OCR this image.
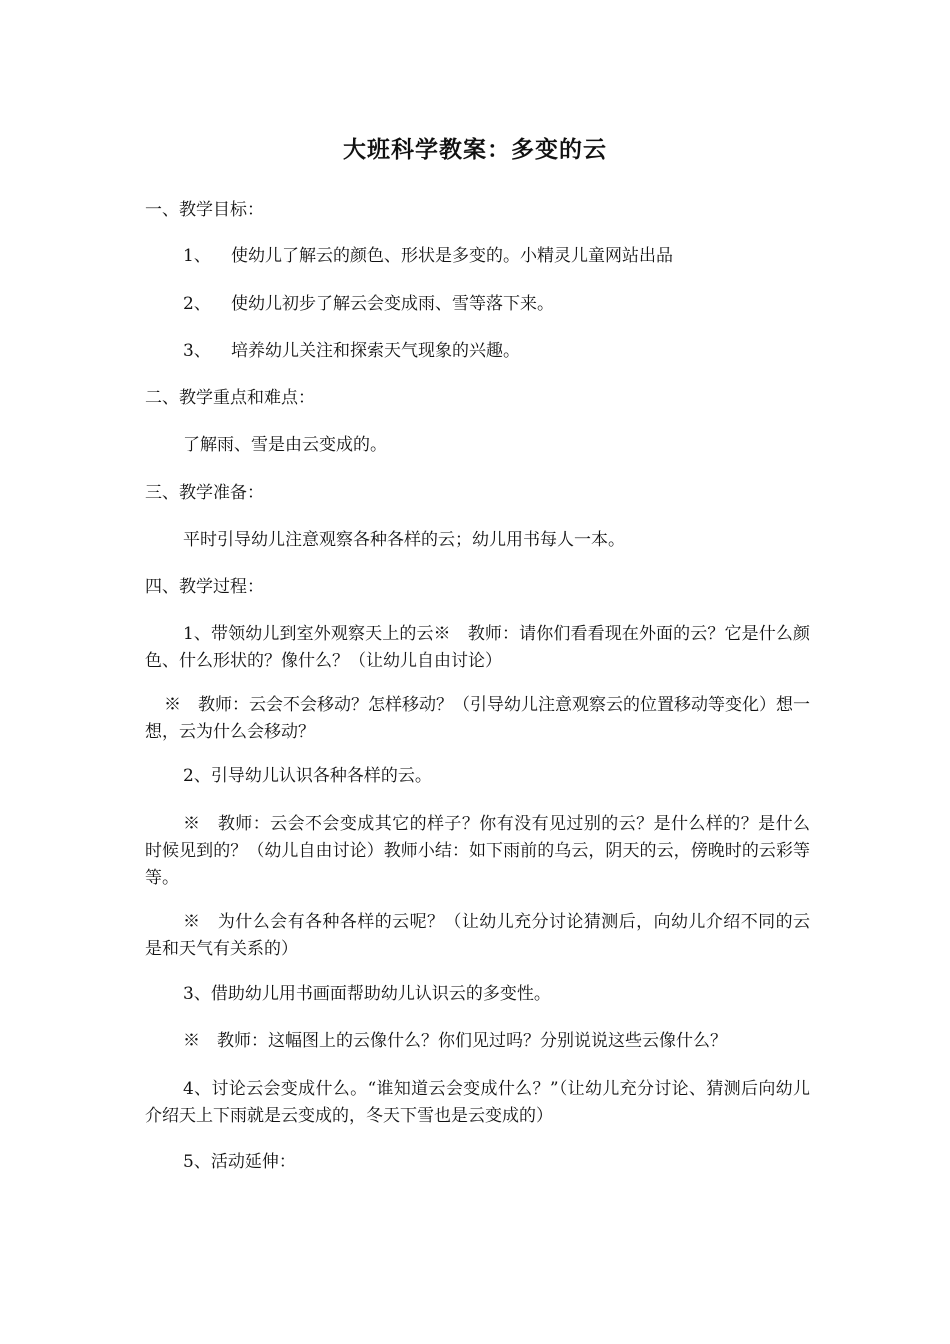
大班科学教案：多变的云
一、教学目标：
1、 使幼儿了解云的颜色、形状是多变的。小精灵儿童网站出品
2、 使幼儿初步了解云会变成雨、雪等落下来。
3、 培养幼儿关注和探索天气现象的兴趣。
二、教学重点和难点：
了解雨、雪是由云变成的。
三、教学准备：
平时引导幼儿注意观察各种各样的云；幼儿用书每人一本。
四、教学过程：
1、带领幼儿到室外观察天上的云※　教师：请你们看看现在外面的云？它是什么颜色、什么形状的？像什么？（让幼儿自由讨论）
※　教师：云会不会移动？怎样移动？（引导幼儿注意观察云的位置移动等变化）想一想，云为什么会移动？
2、引导幼儿认识各种各样的云。
※　教师：云会不会变成其它的样子？你有没有见过别的云？是什么样的？是什么时候见到的？（幼儿自由讨论）教师小结：如下雨前的乌云，阴天的云，傍晚时的云彩等等。
※　为什么会有各种各样的云呢？（让幼儿充分讨论猜测后，向幼儿介绍不同的云是和天气有关系的）
3、借助幼儿用书画面帮助幼儿认识云的多变性。
※　教师：这幅图上的云像什么？你们见过吗？分别说说这些云像什么？
4、讨论云会变成什么。“谁知道云会变成什么？”（让幼儿充分讨论、猜测后向幼儿介绍天上下雨就是云变成的，冬天下雪也是云变成的）
5、活动延伸：
